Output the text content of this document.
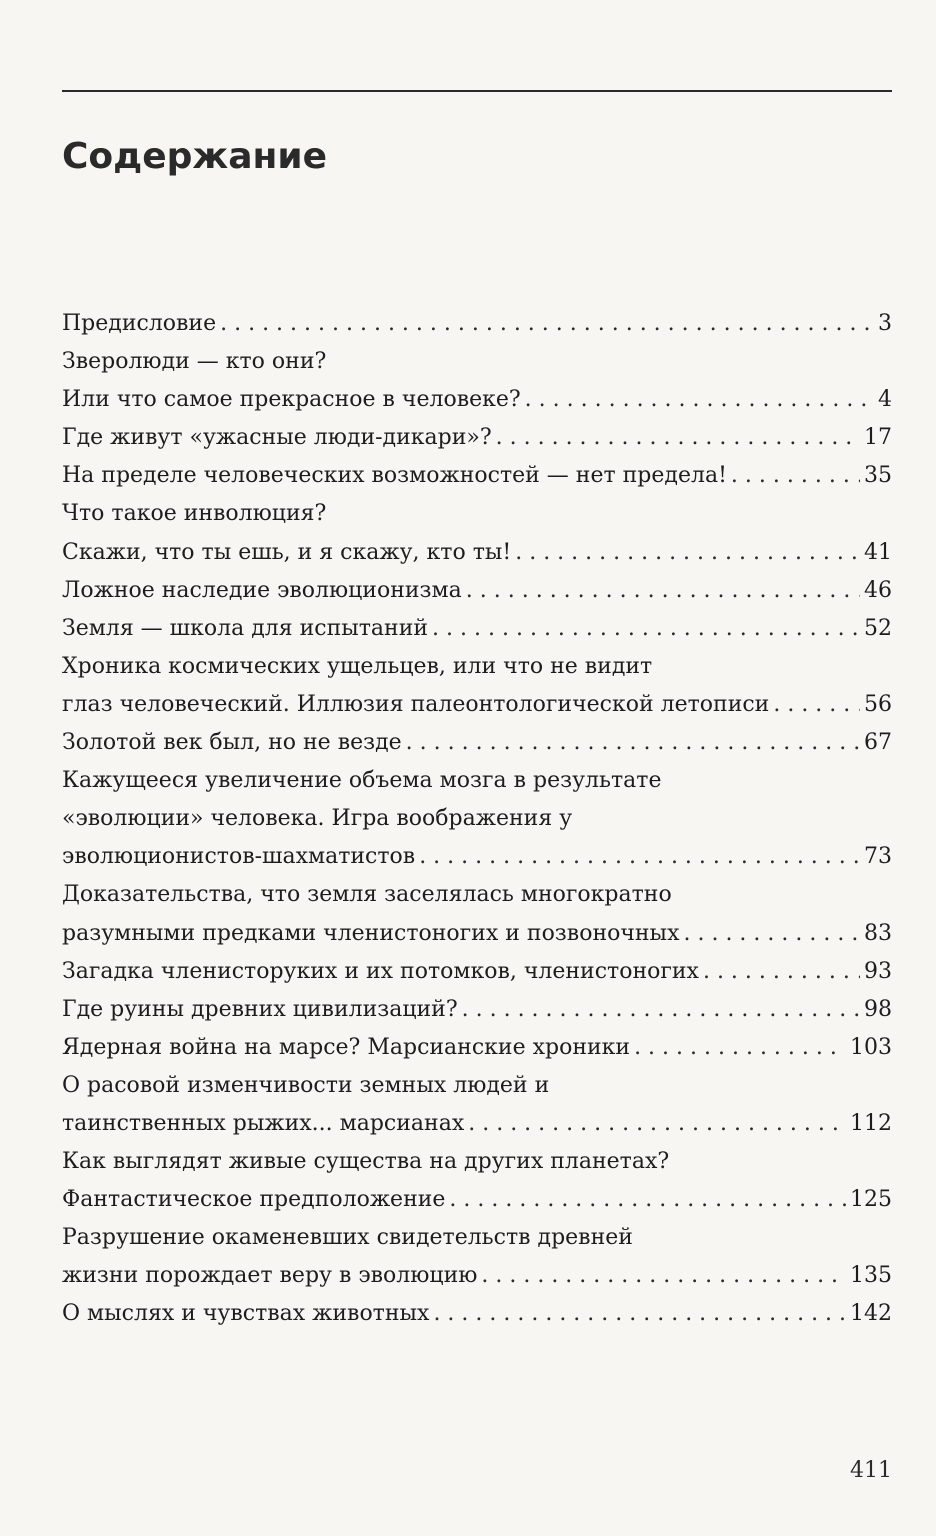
Содержание
Предисловие . . .	3
Зверолюди — кто они?
Или что самое прекрасное в человеке? . . .	4
Где живут «ужасные люди-дикари»? . . .	17
На пределе человеческих возможностей — нет предела! . . .	35
Что такое инволюция?
Скажи, что ты ешь, и я скажу, кто ты! . . .	41
Ложное наследие эволюционизма . . .	46
Земля — школа для испытаний . . .	52
Хроника космических ущельцев, или что не видит
глаз человеческий. Иллюзия палеонтологической летописи . . .	56
Золотой век был, но не везде . . .	67
Кажущееся увеличение объема мозга в результате
«эволюции» человека. Игра воображения у
эволюционистов-шахматистов . . .	73
Доказательства, что земля заселялась многократно
разумными предками членистоногих и позвоночных . . .	83
Загадка членисторуких и их потомков, членистоногих . . .	93
Где руины древних цивилизаций? . . .	98
Ядерная война на марсе? Марсианские хроники . . .	103
О расовой изменчивости земных людей и
таинственных рыжих... марсианах . . .	112
Как выглядят живые существа на других планетах?
Фантастическое предположение . . .	125
Разрушение окаменевших свидетельств древней
жизни порождает веру в эволюцию . . .	135
О мыслях и чувствах животных . . .	142
411
